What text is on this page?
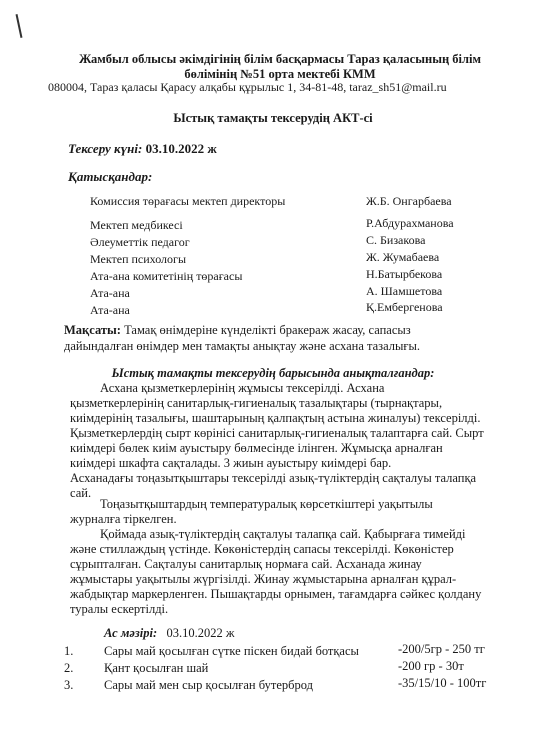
Жамбыл облысы әкімдігінің білім басқармасы Тараз қаласының білім
бөлімінің №51 орта мектебі КММ
080004, Тараз қаласы Қарасу алқабы құрылыс 1, 34-81-48, taraz_sh51@mail.ru
Ыстық тамақты тексерудің АКТ-сі
Тексеру күні: 03.10.2022 ж
Қатысқандар:
Комиссия төрағасы мектеп директоры	Ж.Б. Онгарбаева
Мектеп медбикесі	Р.Абдурахманова
Әлеуметтік педагог	С. Бизакова
Мектеп психологы	Ж. Жумабаева
Ата-ана комитетінің төрағасы	Н.Батырбекова
Ата-ана	А. Шамшетова
Ата-ана	Қ.Ембергенова
Мақсаты: Тамақ өнімдеріне күнделікті бракераж жасау, сапасыз
дайындалған өнімдер мен тамақты анықтау және асхана тазалығы.
Ыстық тамақты тексерудің барысында анықталғандар:
Асхана қызметкерлерінің жұмысы тексерілді. Асхана
қызметкерлерінің санитарлық-гигиеналық тазалықтары (тырнақтары,
киімдерінің тазалығы, шаштарының қалпақтың астына жиналуы) тексерілді.
Қызметкерлердің сырт көрінісі санитарлық-гигиеналық талаптарға сай. Сырт
киімдері бөлек киім ауыстыру бөлмесінде ілінген. Жұмысқа арналған
киімдері шкафта сақталады. 3 жиын ауыстыру киімдері бар.
Асханадағы тоңазытқыштары тексерілді азық-түліктердің сақталуы талапқа
сай.
Тоңазытқыштардың температуралық көрсеткіштері уақытылы
журналға тіркелген.
Қоймада азық-түліктердің сақталуы талапқа сай. Қабырғаға тимейді
және стиллаждың үстінде. Көкөністердің сапасы тексерілді. Көкөністер
сұрыпталған. Сақталуы санитарлық нормаға сай. Асханада жинау
жұмыстары уақытылы жүргізілді. Жинау жұмыстарына арналған құрал-
жабдықтар маркерленген. Пышақтарды орнымен, тағамдарға сәйкес қолдану
туралы ескертілді.
Ас мәзірі: 03.10.2022 ж
1. Сары май қосылған сүтке піскен бидай ботқасы	-200/5гр - 250 тг
2. Қант қосылған шай	-200 гр - 30т
3. Сары май мен сыр қосылған бутерброд	-35/15/10 - 100тг
